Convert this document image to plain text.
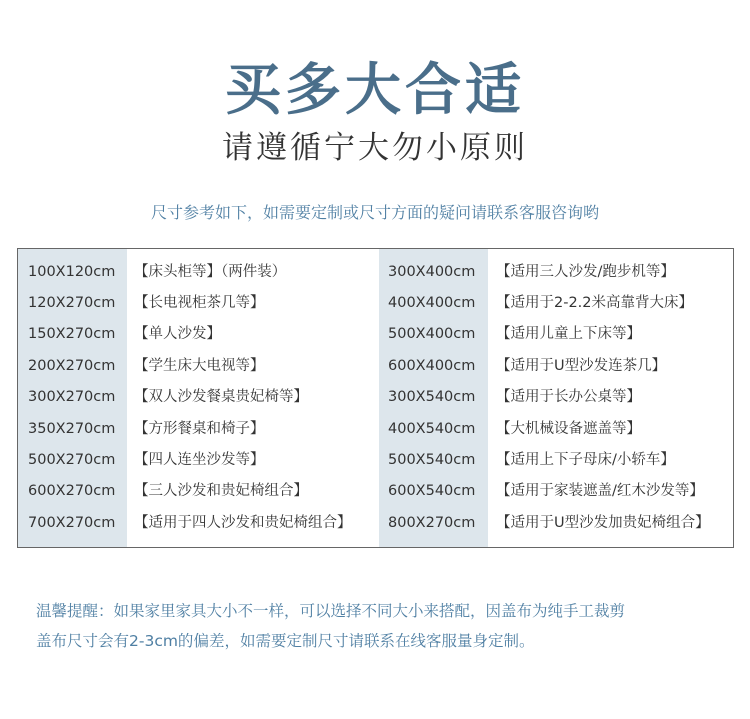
买多大合适
请遵循宁大勿小原则
尺寸参考如下，如需要定制或尺寸方面的疑问请联系客服咨询哟
100X120cm 【床头柜等】（两件装）	300X400cm 【适用三人沙发/跑步机等】
120X270cm 【长电视柜茶几等】	400X400cm 【适用于2-2.2米高靠背大床】
150X270cm 【单人沙发】	500X400cm 【适用儿童上下床等】
200X270cm 【学生床大电视等】	600X400cm 【适用于U型沙发连茶几】
300X270cm 【双人沙发餐桌贵妃椅等】	300X540cm 【适用于长办公桌等】
350X270cm 【方形餐桌和椅子】	400X540cm 【大机械设备遮盖等】
500X270cm 【四人连坐沙发等】	500X540cm 【适用上下子母床/小轿车】
600X270cm 【三人沙发和贵妃椅组合】	600X540cm 【适用于家装遮盖/红木沙发等】
700X270cm 【适用于四人沙发和贵妃椅组合】	800X270cm 【适用于U型沙发加贵妃椅组合】
温馨提醒：如果家里家具大小不一样，可以选择不同大小来搭配，因盖布为纯手工裁剪
盖布尺寸会有2-3cm的偏差，如需要定制尺寸请联系在线客服量身定制。
